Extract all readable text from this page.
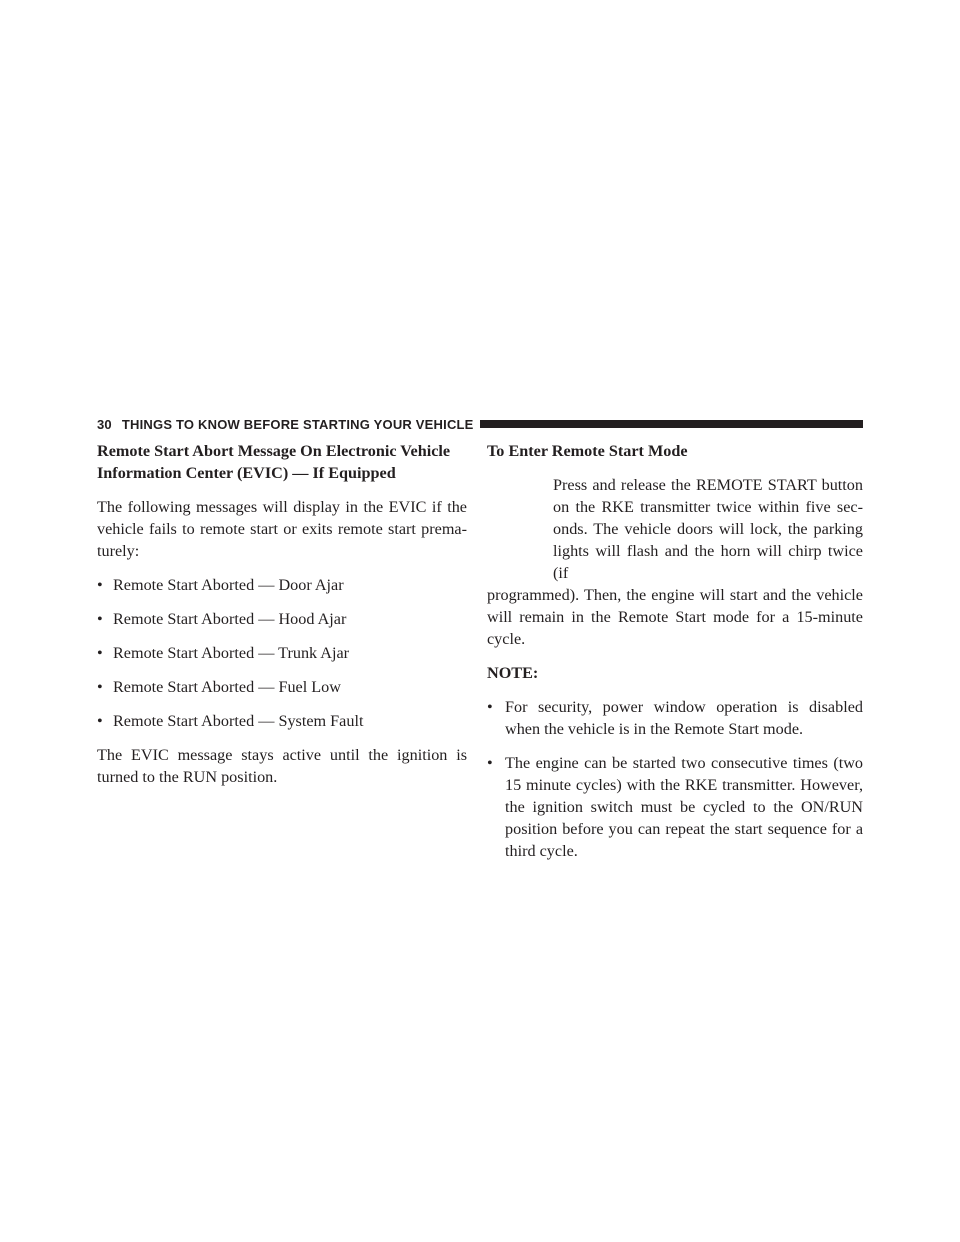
30 THINGS TO KNOW BEFORE STARTING YOUR VEHICLE
Remote Start Abort Message On Electronic Vehicle Information Center (EVIC) — If Equipped

The following messages will display in the EVIC if the vehicle fails to remote start or exits remote start prema-turely:

• Remote Start Aborted — Door Ajar
• Remote Start Aborted — Hood Ajar
• Remote Start Aborted — Trunk Ajar
• Remote Start Aborted — Fuel Low
• Remote Start Aborted — System Fault

The EVIC message stays active until the ignition is turned to the RUN position.

To Enter Remote Start Mode

Press and release the REMOTE START button on the RKE transmitter twice within five sec-onds. The vehicle doors will lock, the parking lights will flash and the horn will chirp twice (if

programmed). Then, the engine will start and the vehicle will remain in the Remote Start mode for a 15-minute cycle.

NOTE:

• For security, power window operation is disabled when the vehicle is in the Remote Start mode.
• The engine can be started two consecutive times (two 15 minute cycles) with the RKE transmitter. However, the ignition switch must be cycled to the ON/RUN position before you can repeat the start sequence for a third cycle.
